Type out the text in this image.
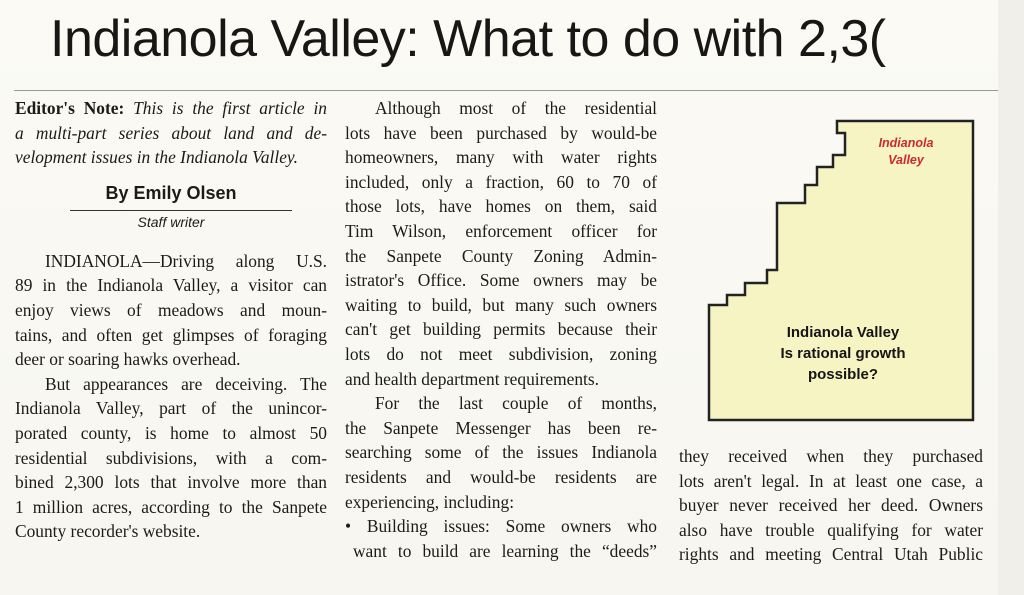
Indianola Valley: What to do with 2,3(

Editor's Note: This is the first article in

a multi-part series about land and de-

velopment issues in the Indianola Valley.

By Emily Olsen
Staff writer

INDIANOLA—Driving along U.S.

89 in the Indianola Valley, a visitor can

enjoy views of meadows and moun-

tains, and often get glimpses of foraging

deer or soaring hawks overhead.

But appearances are deceiving. The

Indianola Valley, part of the unincor-

porated county, is home to almost 50

residential subdivisions, with a com-

bined 2,300 lots that involve more than

1 million acres, according to the Sanpete

County recorder's website.

Although most of the residential

lots have been purchased by would-be

homeowners, many with water rights

included, only a fraction, 60 to 70 of

those lots, have homes on them, said

Tim Wilson, enforcement officer for

the Sanpete County Zoning Admin-

istrator's Office. Some owners may be

waiting to build, but many such owners

can't get building permits because their

lots do not meet subdivision, zoning

and health department requirements.

For the last couple of months,

the Sanpete Messenger has been re-

searching some of the issues Indianola

residents and would-be residents are

experiencing, including:

• Building issues: Some owners who

want to build are learning the “deeds”

Indianola
Valley
Indianola Valley
Is rational growth
possible?

they received when they purchased

lots aren't legal. In at least one case, a

buyer never received her deed. Owners

also have trouble qualifying for water

rights and meeting Central Utah Public
